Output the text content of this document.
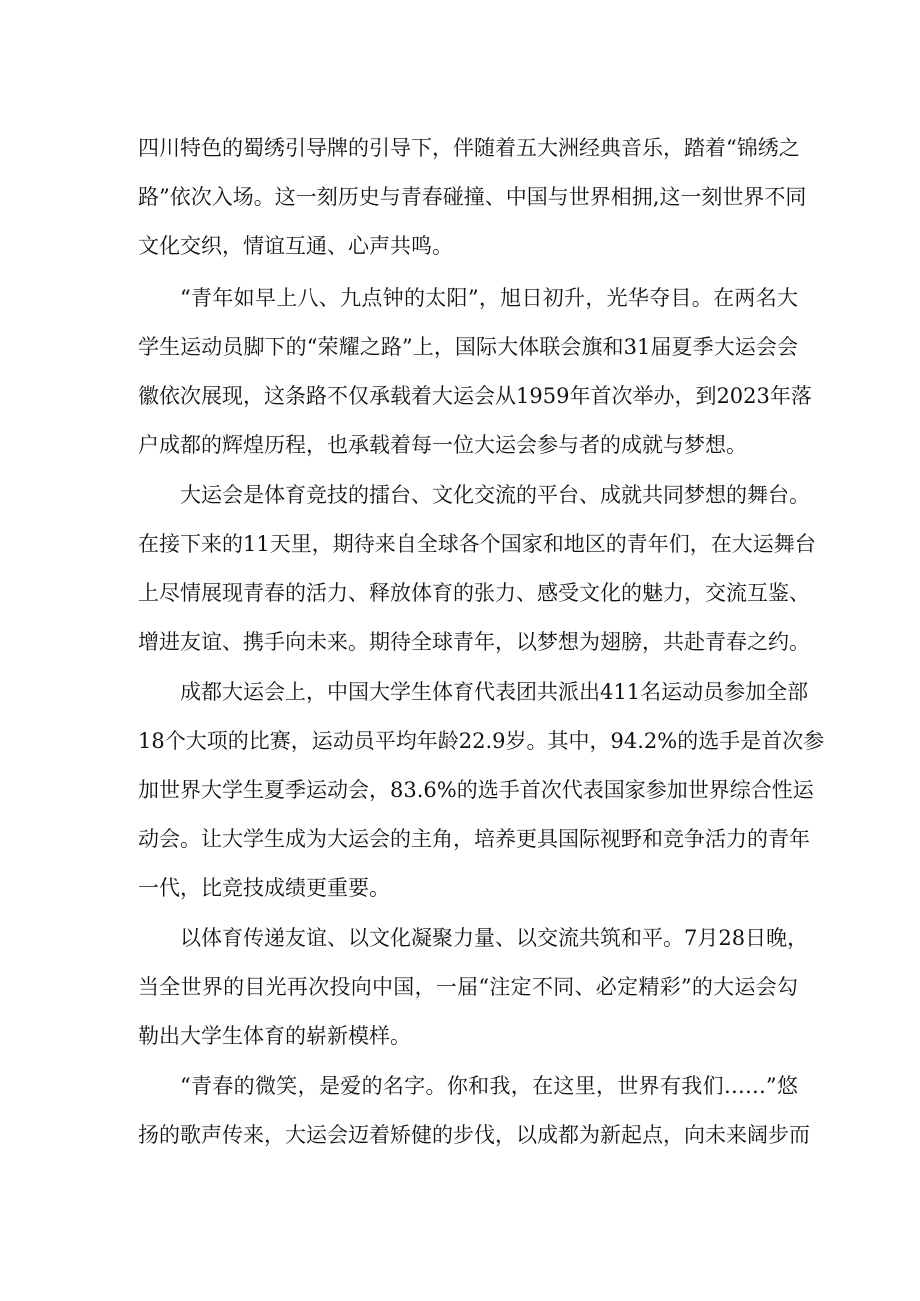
四川特色的蜀绣引导牌的引导下，伴随着五大洲经典音乐，踏着“锦绣之
路”依次入场。这一刻历史与青春碰撞、中国与世界相拥,这一刻世界不同
文化交织，情谊互通、心声共鸣。
“青年如早上八、九点钟的太阳”，旭日初升，光华夺目。在两名大
学生运动员脚下的“荣耀之路”上，国际大体联会旗和31届夏季大运会会
徽依次展现，这条路不仅承载着大运会从1959年首次举办，到2023年落
户成都的辉煌历程，也承载着每一位大运会参与者的成就与梦想。
大运会是体育竞技的擂台、文化交流的平台、成就共同梦想的舞台。
在接下来的11天里，期待来自全球各个国家和地区的青年们，在大运舞台
上尽情展现青春的活力、释放体育的张力、感受文化的魅力，交流互鉴、
增进友谊、携手向未来。期待全球青年，以梦想为翅膀，共赴青春之约。
成都大运会上，中国大学生体育代表团共派出411名运动员参加全部
18个大项的比赛，运动员平均年龄22.9岁。其中，94.2%的选手是首次参
加世界大学生夏季运动会，83.6%的选手首次代表国家参加世界综合性运
动会。让大学生成为大运会的主角，培养更具国际视野和竞争活力的青年
一代，比竞技成绩更重要。
以体育传递友谊、以文化凝聚力量、以交流共筑和平。7月28日晚，
当全世界的目光再次投向中国，一届“注定不同、必定精彩”的大运会勾
勒出大学生体育的崭新模样。
“青春的微笑，是爱的名字。你和我，在这里，世界有我们……”悠
扬的歌声传来，大运会迈着矫健的步伐，以成都为新起点，向未来阔步而
